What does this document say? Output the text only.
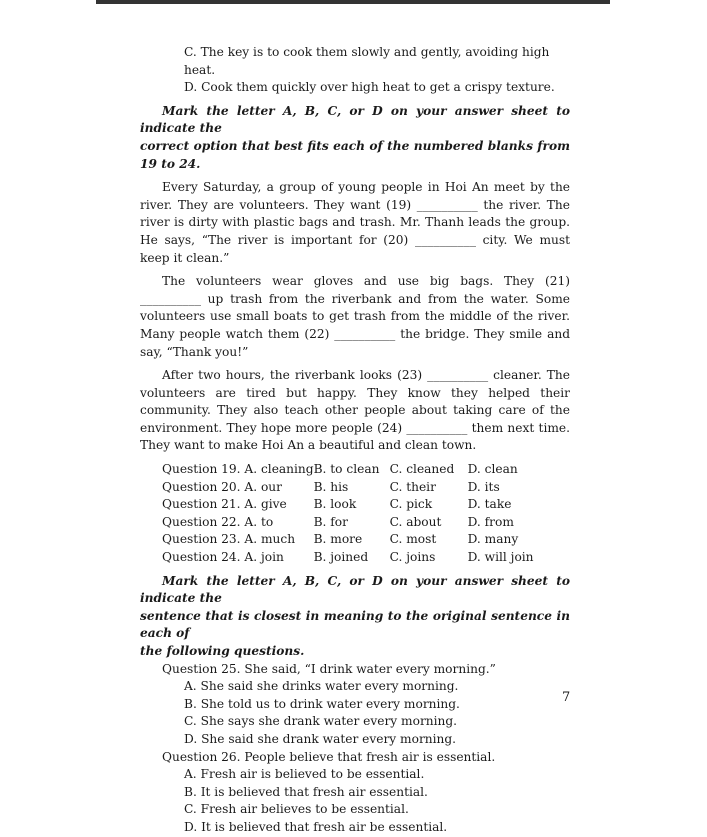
C. The key is to cook them slowly and gently, avoiding high heat.
D. Cook them quickly over high heat to get a crispy texture.
Mark the letter A, B, C, or D on your answer sheet to indicate the
correct option that best fits each of the numbered blanks from 19 to 24.

Every Saturday, a group of young people in Hoi An meet by the river. They are volunteers. They want (19) __________ the river. The river is dirty with plastic bags and trash. Mr. Thanh leads the group. He says, “The river is important for (20) __________ city. We must keep it clean.”

The volunteers wear gloves and use big bags. They (21) __________ up trash from the riverbank and from the water. Some volunteers use small boats to get trash from the middle of the river. Many people watch them (22) __________ the bridge. They smile and say, “Thank you!”

After two hours, the riverbank looks (23) __________ cleaner. The volunteers are tired but happy. They know they helped their community. They also teach other people about taking care of the environment. They hope more people (24) __________ them next time. They want to make Hoi An a beautiful and clean town.

Question 19. A. cleaning	B. to clean	C. cleaned	D. clean
Question 20. A. our	B. his	C. their	D. its
Question 21. A. give	B. look	C. pick	D. take
Question 22. A. to	B. for	C. about	D. from
Question 23. A. much	B. more	C. most	D. many
Question 24. A. join	B. joined	C. joins	D. will join
Mark the letter A, B, C, or D on your answer sheet to indicate the
sentence that is closest in meaning to the original sentence in each of
the following questions.
Question 25. She said, “I drink water every morning.”
A. She said she drinks water every morning.
B. She told us to drink water every morning.
C. She says she drank water every morning.
D. She said she drank water every morning.
Question 26. People believe that fresh air is essential.
A. Fresh air is believed to be essential.
B. It is believed that fresh air essential.
C. Fresh air believes to be essential.
D. It is believed that fresh air be essential.
7
